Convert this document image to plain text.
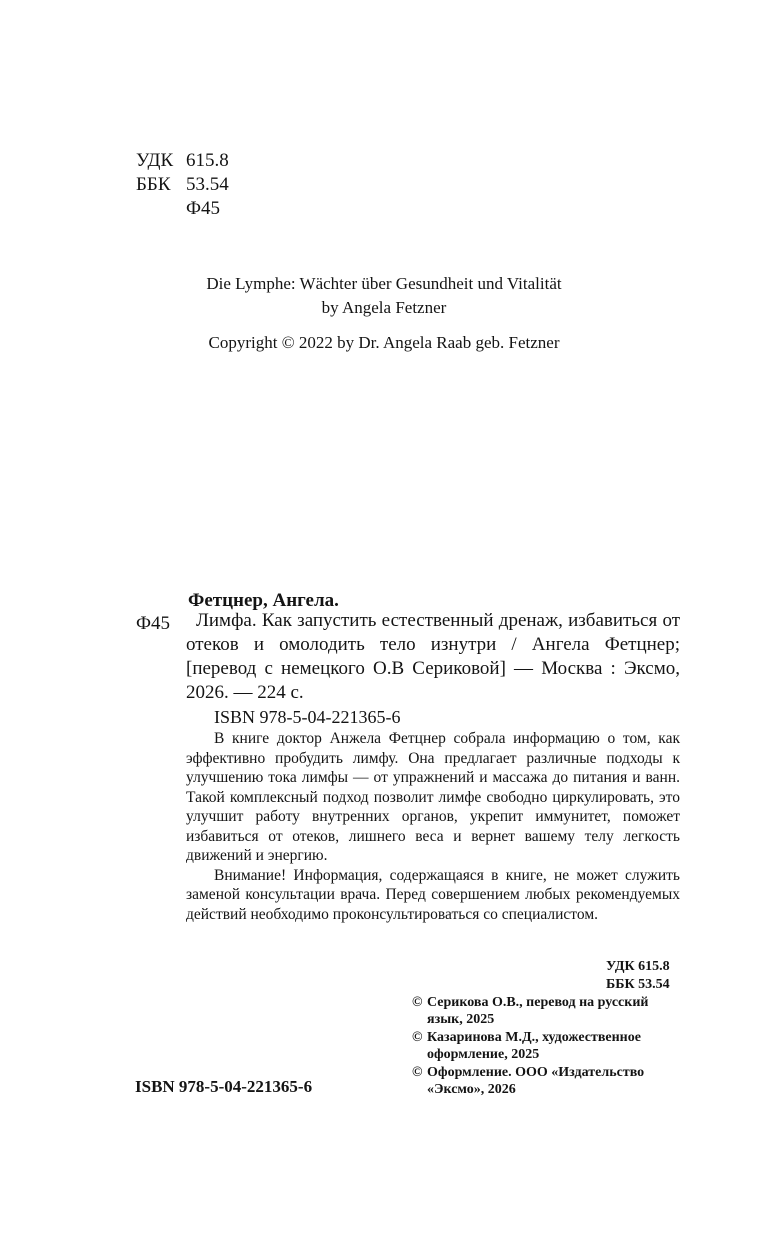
УДК 615.8
ББК 53.54
Ф45
Die Lymphe: Wächter über Gesundheit und Vitalität
by Angela Fetzner
Copyright © 2022 by Dr. Angela Raab geb. Fetzner
Фетцнер, Ангела.
Ф45	Лимфа. Как запустить естественный дренаж, избавиться от отеков и омолодить тело изнутри / Ангела Фетцнер; [перевод с немецкого О.В Сериковой] — Москва : Эксмо, 2026. — 224 с.
ISBN 978-5-04-221365-6

В книге доктор Анжела Фетцнер собрала информацию о том, как эффективно пробудить лимфу. Она предлагает различные подходы к улучшению тока лимфы — от упражнений и массажа до питания и ванн. Такой комплексный подход позволит лимфе свободно циркулировать, это улучшит работу внутренних органов, укрепит иммунитет, поможет избавиться от отеков, лишнего веса и вернет вашему телу легкость движений и энергию.

Внимание! Информация, содержащаяся в книге, не может служить заменой консультации врача. Перед совершением любых рекомендуемых действий необходимо проконсультироваться со специалистом.

УДК 615.8
ББК 53.54
© Серикова О.В., перевод на русский
язык, 2025
© Казаринова М.Д., художественное
оформление, 2025
© Оформление. ООО «Издательство
«Эксмо», 2026
ISBN 978-5-04-221365-6
